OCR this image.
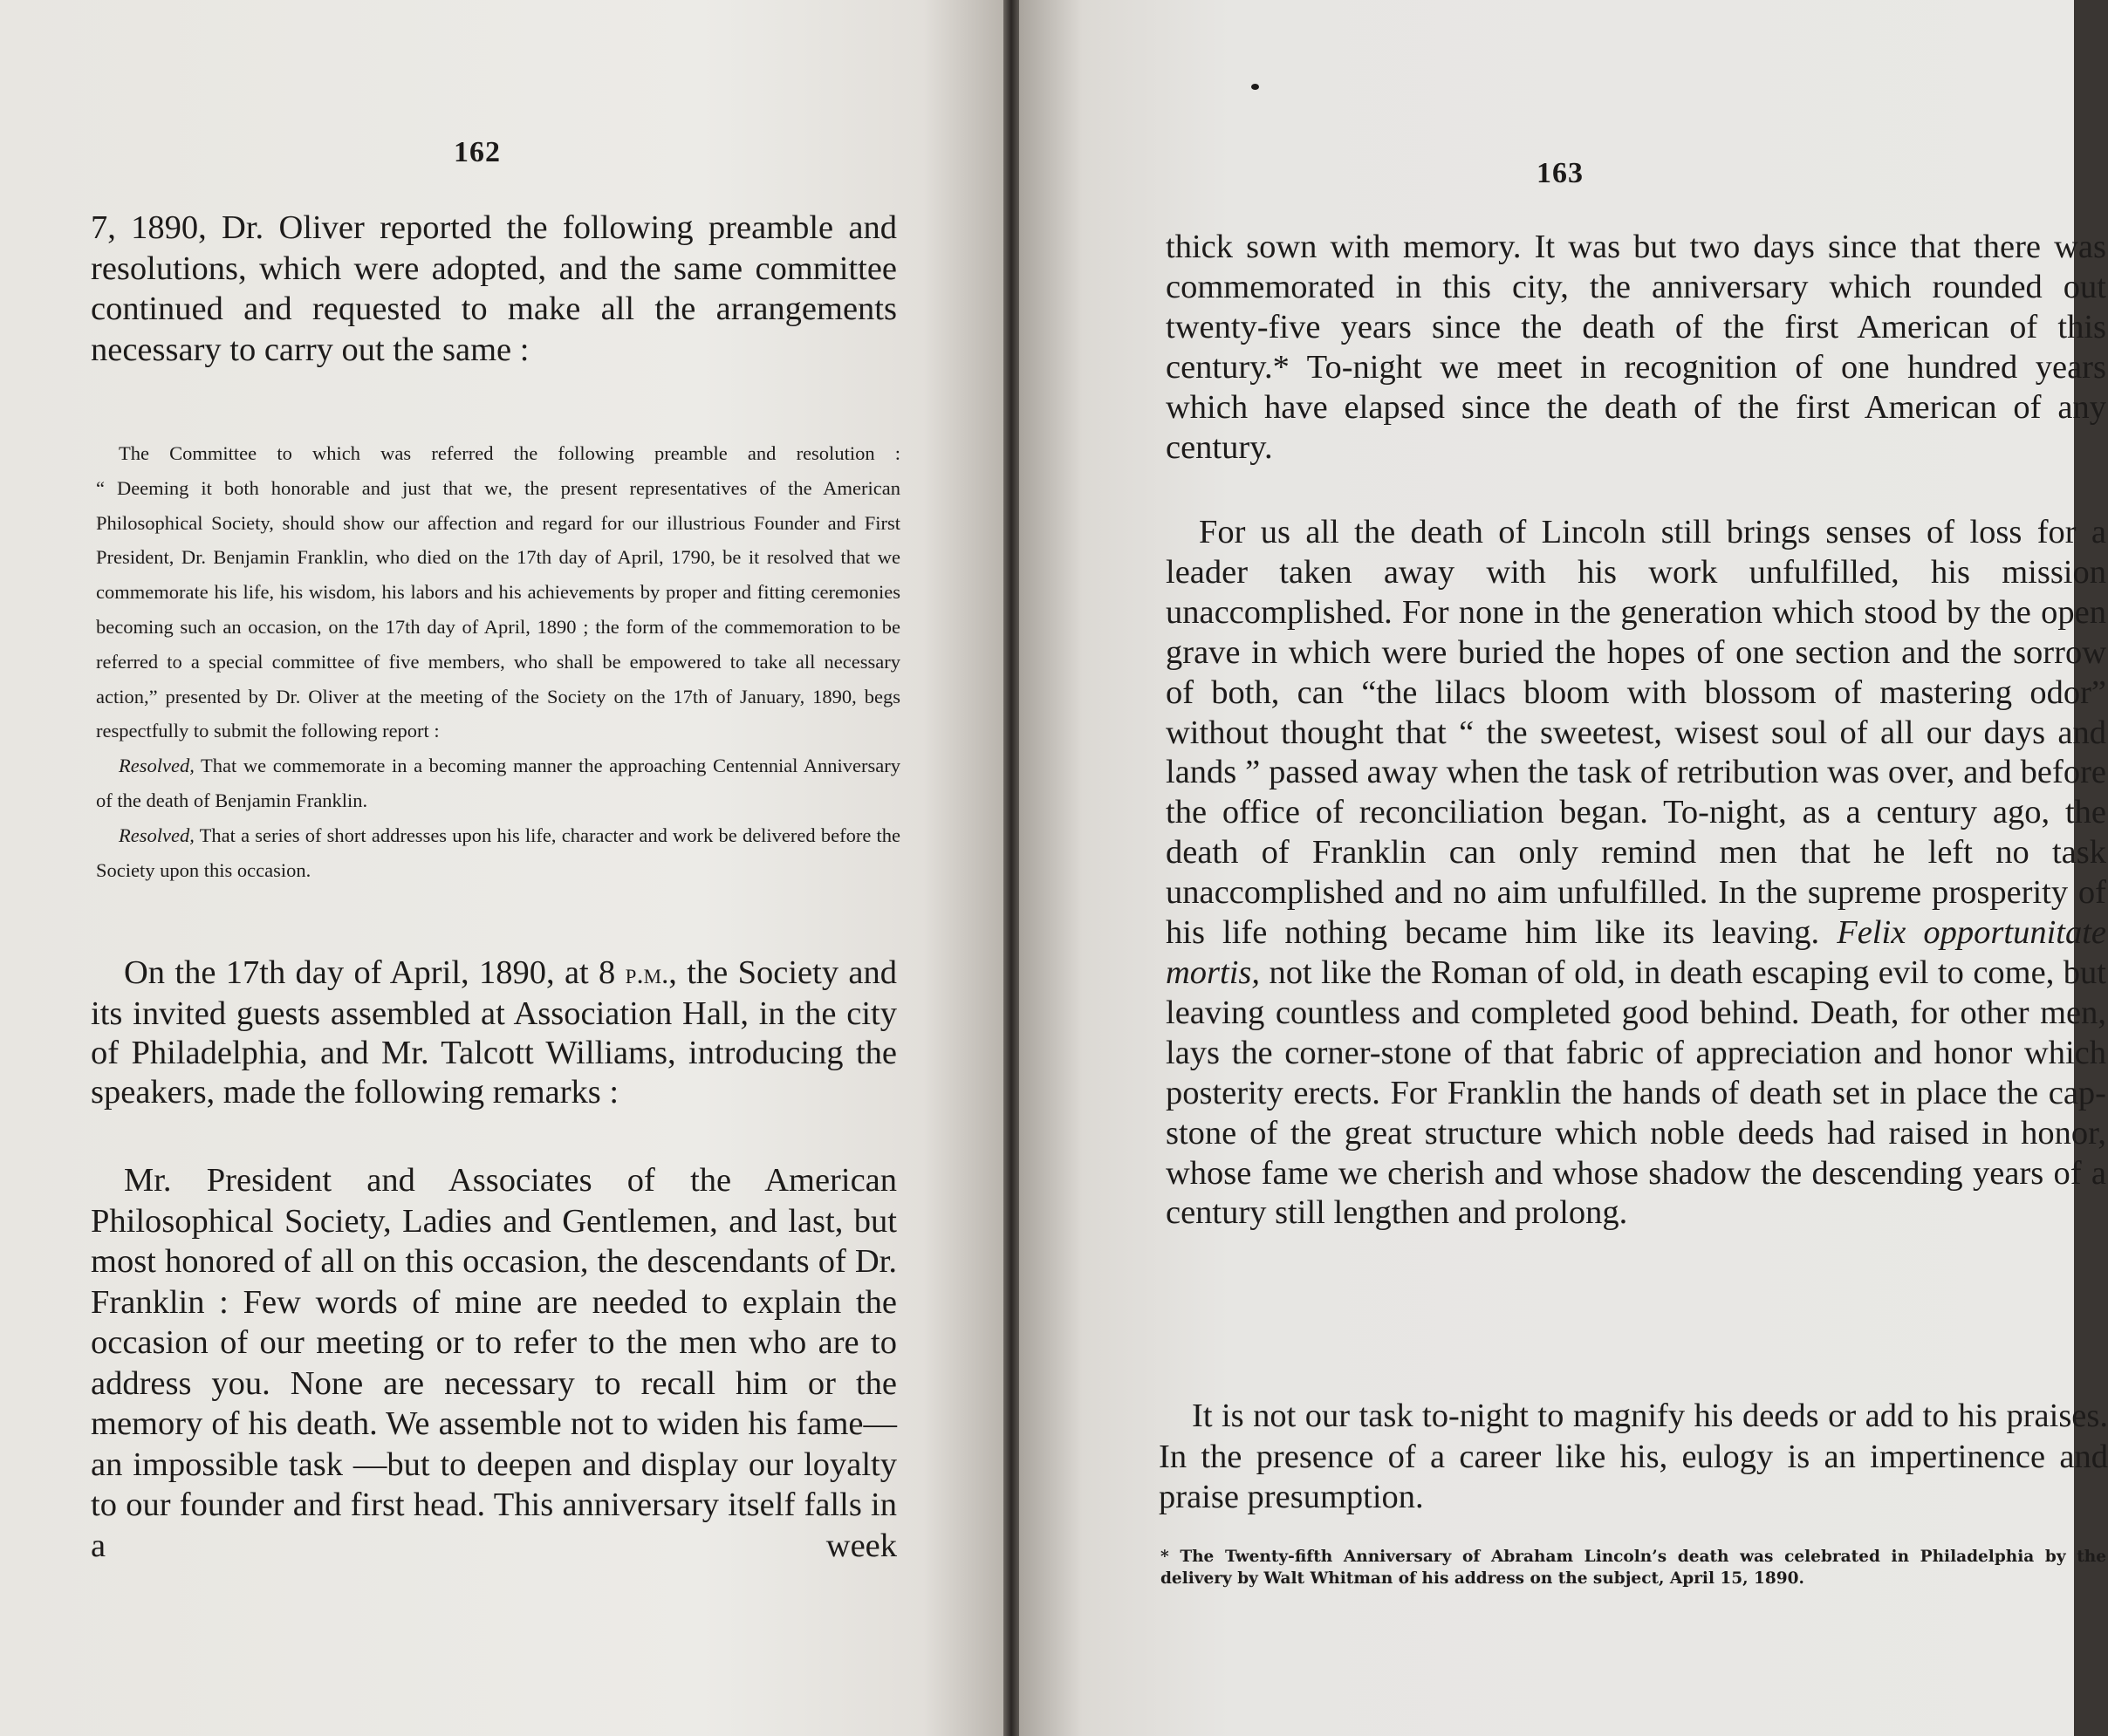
162

7, 1890, Dr. Oliver reported the following preamble and resolutions, which were adopted, and the same committee continued and requested to make all the arrangements necessary to carry out the same :

The Committee to which was referred the following preamble and resolution :

“ Deeming it both honorable and just that we, the present representatives of the American Philosophical Society, should show our affection and regard for our illustrious Founder and First President, Dr. Benjamin Franklin, who died on the 17th day of April, 1790, be it resolved that we commemorate his life, his wisdom, his labors and his achievements by proper and fitting ceremonies becoming such an occasion, on the 17th day of April, 1890 ; the form of the commemoration to be referred to a special committee of five members, who shall be empowered to take all necessary action,” presented by Dr. Oliver at the meeting of the Society on the 17th of January, 1890, begs respectfully to submit the following report :

Resolved, That we commemorate in a becoming manner the approaching Centennial Anniversary of the death of Benjamin Franklin.

Resolved, That a series of short addresses upon his life, character and work be delivered before the Society upon this occasion.

On the 17th day of April, 1890, at 8 p.m., the Society and its invited guests assembled at Association Hall, in the city of Philadelphia, and Mr. Talcott Williams, introducing the speakers, made the following remarks :

Mr. President and Associates of the American Philosophical Society, Ladies and Gentlemen, and last, but most honored of all on this occasion, the descendants of Dr. Franklin : Few words of mine are needed to explain the occasion of our meeting or to refer to the men who are to address you. None are necessary to recall him or the memory of his death. We assemble not to widen his fame—an impossible task —but to deepen and display our loyalty to our founder and first head. This anniversary itself falls in a week

163

thick sown with memory. It was but two days since that there was commemorated in this city, the anniversary which rounded out twenty-five years since the death of the first American of this century.* To-night we meet in recognition of one hundred years which have elapsed since the death of the first American of any century.

For us all the death of Lincoln still brings senses of loss for a leader taken away with his work unfulfilled, his mission unaccomplished. For none in the generation which stood by the open grave in which were buried the hopes of one section and the sorrow of both, can “the lilacs bloom with blossom of mastering odor” without thought that “ the sweetest, wisest soul of all our days and lands ” passed away when the task of retribution was over, and before the office of reconciliation began. To-night, as a century ago, the death of Franklin can only remind men that he left no task unaccomplished and no aim unfulfilled. In the supreme prosperity of his life nothing became him like its leaving. Felix opportunitate mortis, not like the Roman of old, in death escaping evil to come, but leaving countless and completed good behind. Death, for other men, lays the corner-stone of that fabric of appreciation and honor which posterity erects. For Franklin the hands of death set in place the cap-stone of the great structure which noble deeds had raised in honor, whose fame we cherish and whose shadow the descending years of a century still lengthen and prolong.

It is not our task to-night to magnify his deeds or add to his praises. In the presence of a career like his, eulogy is an impertinence and praise presumption.

* The Twenty-fifth Anniversary of Abraham Lincoln’s death was celebrated in Philadelphia by the delivery by Walt Whitman of his address on the subject, April 15, 1890.
